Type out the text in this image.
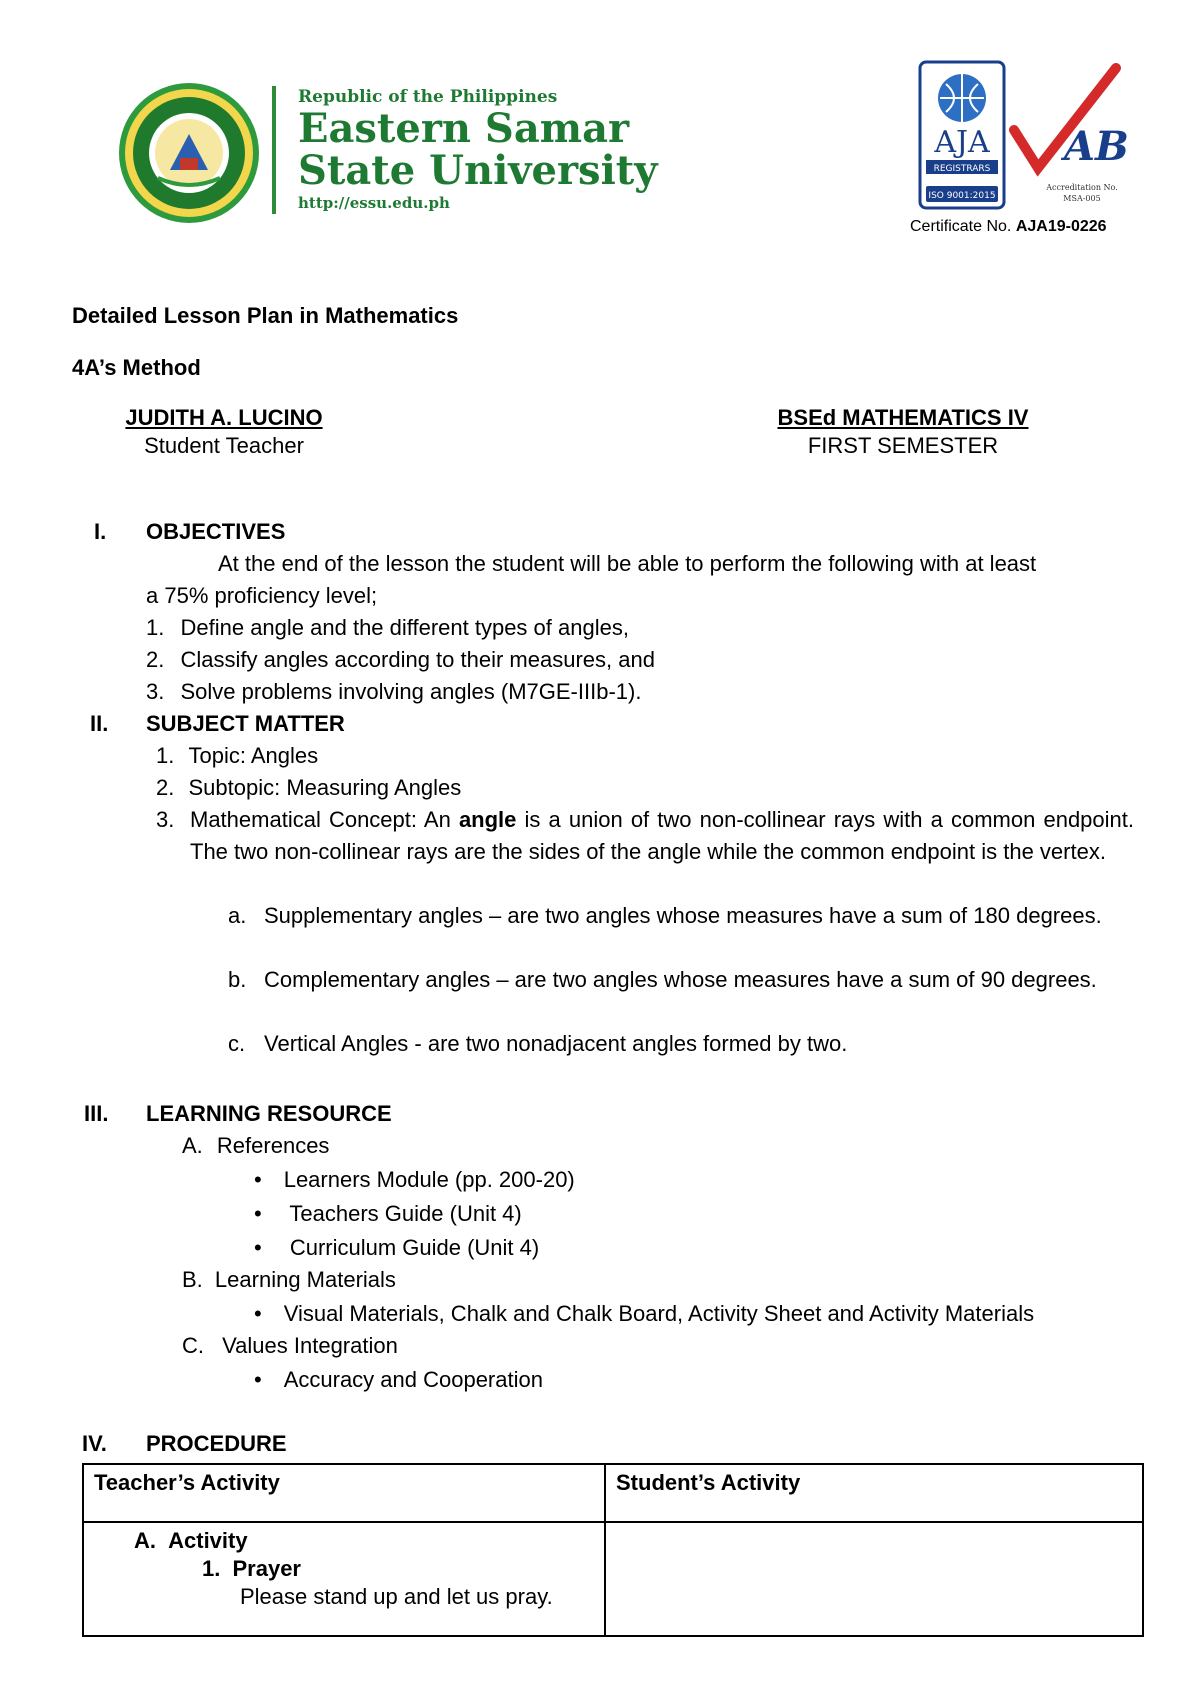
Republic of the Philippines
Eastern Samar
State University
http://essu.edu.ph
AJA
REGISTRARS
ISO 9001:2015
AB
Accreditation No.
MSA-005
Certificate No. AJA19-0226
Detailed Lesson Plan in Mathematics
4A’s Method
JUDITH A. LUCINO
Student Teacher
BSEd MATHEMATICS IV
FIRST SEMESTER
I. OBJECTIVES
At the end of the lesson the student will be able to perform the following with at least
a 75% proficiency level;
1. Define angle and the different types of angles,
2. Classify angles according to their measures, and
3. Solve problems involving angles (M7GE-IIIb-1).
II. SUBJECT MATTER
1. Topic: Angles
2. Subtopic: Measuring Angles
3. Mathematical Concept: An angle is a union of two non-collinear rays with a common endpoint. The two non-collinear rays are the sides of the angle while the common endpoint is the vertex.
a. Supplementary angles – are two angles whose measures have a sum of 180 degrees.
b. Complementary angles – are two angles whose measures have a sum of 90 degrees.
c. Vertical Angles - are two nonadjacent angles formed by two.
III. LEARNING RESOURCE
A. References
• Learners Module (pp. 200-20)
• Teachers Guide (Unit 4)
• Curriculum Guide (Unit 4)
B. Learning Materials
• Visual Materials, Chalk and Chalk Board, Activity Sheet and Activity Materials
C. Values Integration
• Accuracy and Cooperation
IV. PROCEDURE
Teacher’s Activity	Student’s Activity

A. Activity
1. Prayer
Please stand up and let us pray.	
